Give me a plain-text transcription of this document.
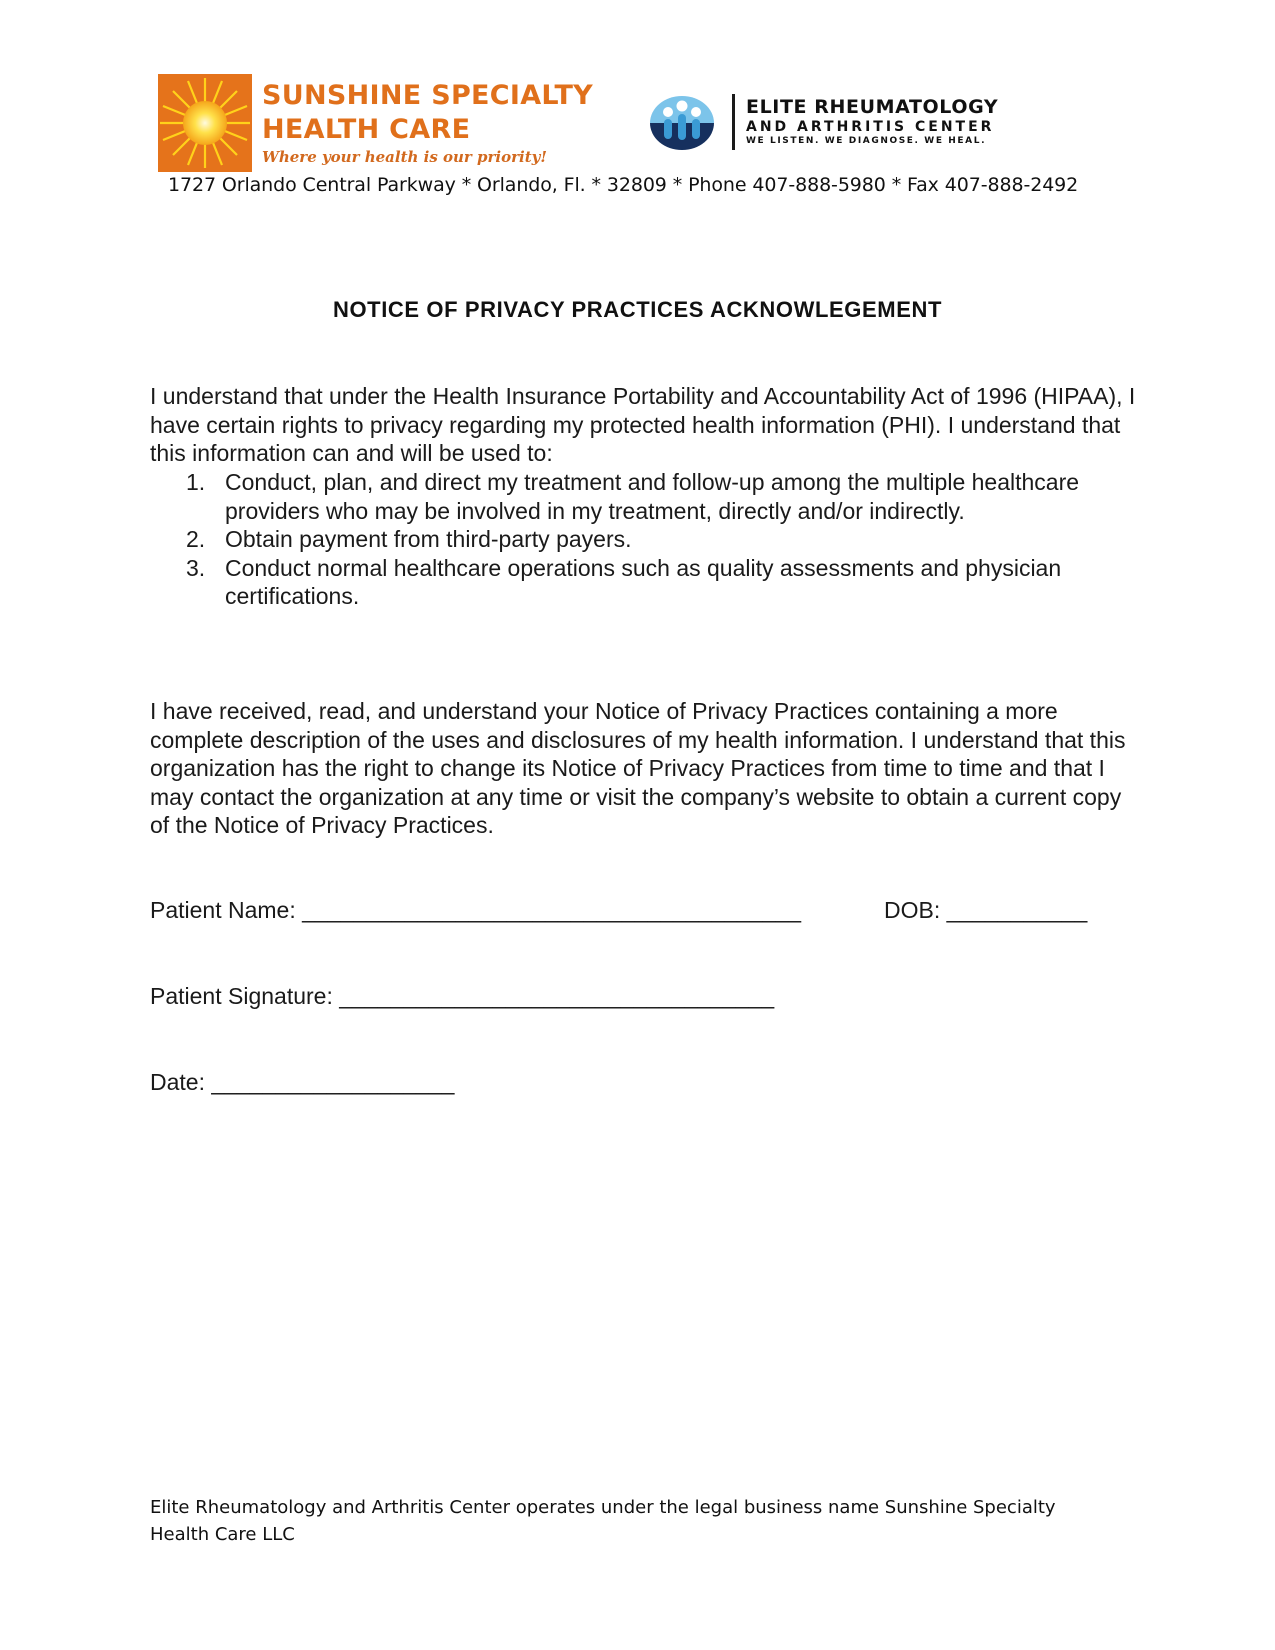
SUNSHINE SPECIALTY
HEALTH CARE
Where your health is our priority!
ELITE RHEUMATOLOGY
AND ARTHRITIS CENTER
WE LISTEN. WE DIAGNOSE. WE HEAL.
1727 Orlando Central Parkway * Orlando, Fl. * 32809 * Phone 407-888-5980 * Fax 407-888-2492
NOTICE OF PRIVACY PRACTICES ACKNOWLEGEMENT
I understand that under the Health Insurance Portability and Accountability Act of 1996 (HIPAA), I have certain rights to privacy regarding my protected health information (PHI). I understand that this information can and will be used to:
1. Conduct, plan, and direct my treatment and follow-up among the multiple healthcare providers who may be involved in my treatment, directly and/or indirectly.
2. Obtain payment from third-party payers.
3. Conduct normal healthcare operations such as quality assessments and physician certifications.
I have received, read, and understand your Notice of Privacy Practices containing a more complete description of the uses and disclosures of my health information. I understand that this organization has the right to change its Notice of Privacy Practices from time to time and that I may contact the organization at any time or visit the company’s website to obtain a current copy of the Notice of Privacy Practices.
Patient Name: _______________________________________	DOB: ___________
Patient Signature: __________________________________
Date: ___________________
Elite Rheumatology and Arthritis Center operates under the legal business name Sunshine Specialty Health Care LLC
